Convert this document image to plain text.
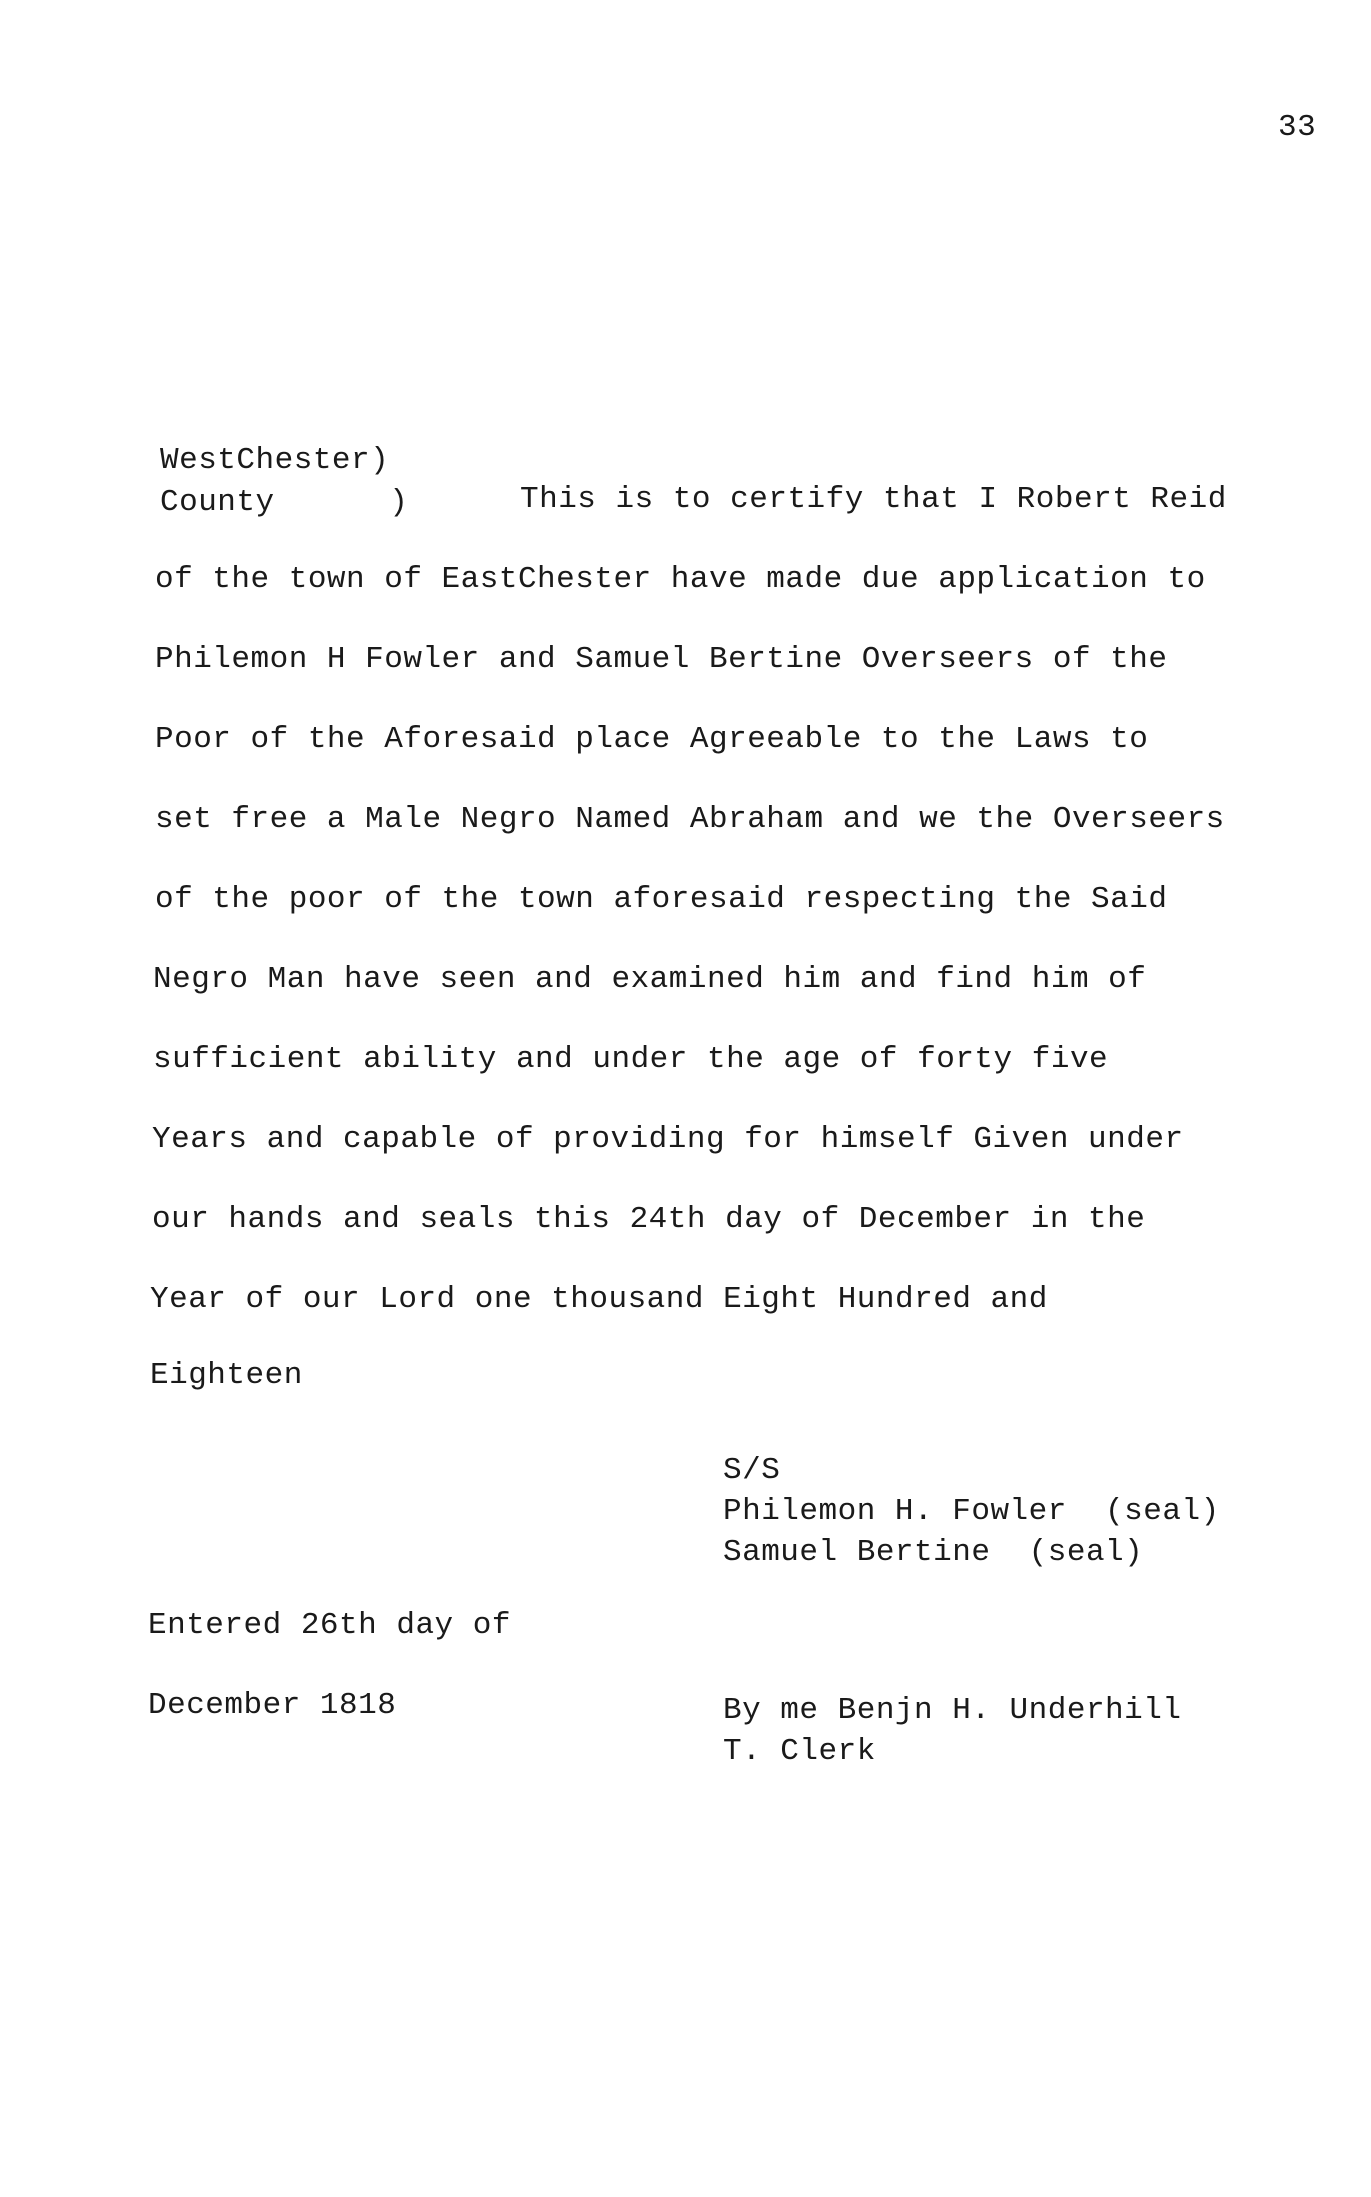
33
WestChester)
County      )	This is to certify that I Robert Reid
of the town of EastChester have made due application to
Philemon H Fowler and Samuel Bertine Overseers of the
Poor of the Aforesaid place Agreeable to the Laws to
set free a Male Negro Named Abraham and we the Overseers
of the poor of the town aforesaid respecting the Said
Negro Man have seen and examined him and find him of
sufficient ability and under the age of forty five
Years and capable of providing for himself Given under
our hands and seals this 24th day of December in the
Year of our Lord one thousand Eight Hundred and
Eighteen
S/S
Philemon H. Fowler  (seal)
Samuel Bertine  (seal)
Entered 26th day of
December 1818	By me Benjn H. Underhill
T. Clerk
